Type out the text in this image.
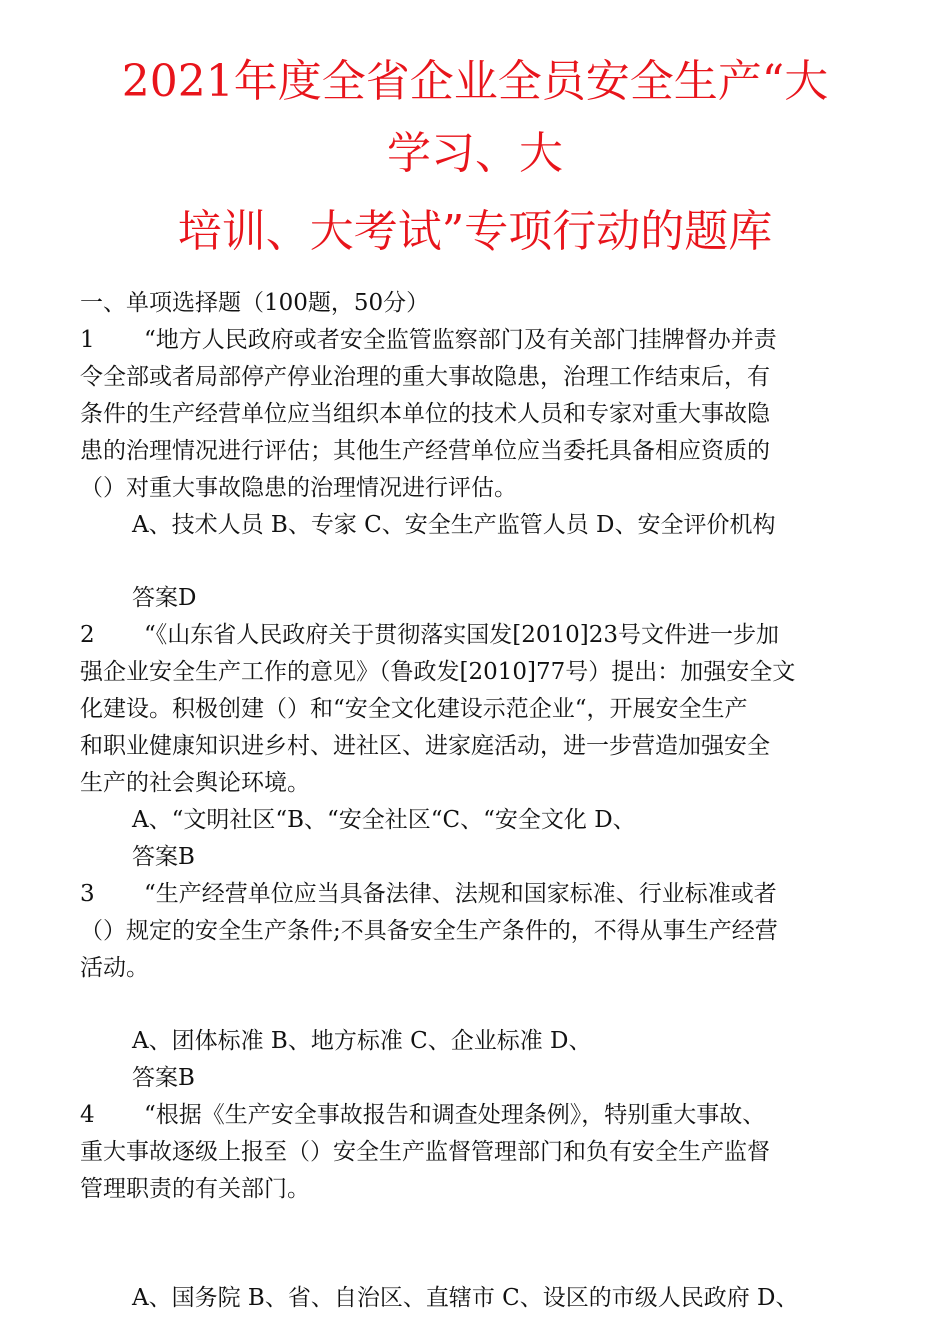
2021年度全省企业全员安全生产“大
学习、大
培训、大考试”专项行动的题库

一、单项选择题（100题，50分）

1 “地方人民政府或者安全监管监察部门及有关部门挂牌督办并责

令全部或者局部停产停业治理的重大事故隐患，治理工作结束后，有

条件的生产经营单位应当组织本单位的技术人员和专家对重大事故隐

患的治理情况进行评估；其他生产经营单位应当委托具备相应资质的

（）对重大事故隐患的治理情况进行评估。

A、技术人员 B、专家 C、安全生产监管人员 D、安全评价机构

答案D

2 “《山东省人民政府关于贯彻落实国发[2010]23号文件进一步加

强企业安全生产工作的意见》（鲁政发[2010]77号）提出：加强安全文

化建设。积极创建（）和“安全文化建设示范企业“，开展安全生产

和职业健康知识进乡村、进社区、进家庭活动，进一步营造加强安全

生产的社会舆论环境。

A、“文明社区“B、“安全社区“C、“安全文化 D、

答案B

3 “生产经营单位应当具备法律、法规和国家标准、行业标准或者

（）规定的安全生产条件;不具备安全生产条件的，不得从事生产经营

活动。

A、团体标准 B、地方标准 C、企业标准 D、

答案B

4 “根据《生产安全事故报告和调查处理条例》，特别重大事故、

重大事故逐级上报至（）安全生产监督管理部门和负有安全生产监督

管理职责的有关部门。

A、国务院 B、省、自治区、直辖市 C、设区的市级人民政府 D、
